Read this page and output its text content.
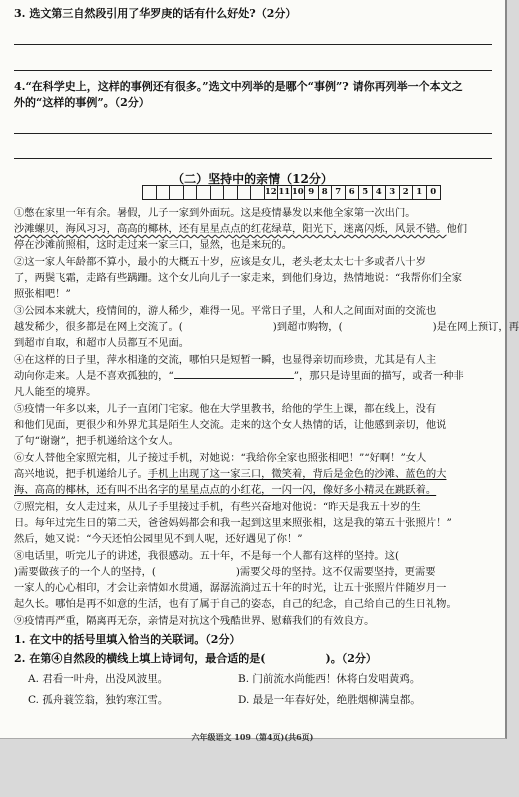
3. 选文第三自然段引用了华罗庚的话有什么好处?（2分）
4.“在科学史上，这样的事例还有很多。”选文中列举的是哪个“事例”? 请你再列举一个本文之
外的“这样的事例”。（2分）
（二）坚持中的亲情（12分）
12 11 10 9 8 7 6 5 4 3 2 1 0
①憋在家里一年有余。暑假，儿子一家到外面玩。这是疫情暴发以来他全家第一次出门。
沙滩螺贝，海风习习，高高的椰林，还有星星点点的红花绿草，阳光下，迷离闪烁，风景不错。他们
停在沙滩前照相，这时走过来一家三口，显然，也是来玩的。
②这一家人年龄都不算小，最小的大概五十岁，应该是女儿，老头老太太七十多或者八十岁
了，两鬓飞霜，走路有些蹒跚。这个女儿向儿子一家走来，到他们身边，热情地说：“我帮你们全家
照张相吧！”
③公园本来就大，疫情间的，游人稀少，难得一见。平常日子里，人和人之间面对面的交流也
越发稀少，很多都是在网上交流了。(	)到超市购物，(	)是在网上预订，再
到超市自取，和超市人员都互不见面。
④在这样的日子里，萍水相逢的交流，哪怕只是短暂一瞬，也显得亲切而珍贵，尤其是有人主
动向你走来。人是不喜欢孤独的，“	”，那只是诗里面的描写，或者一种非
凡人能至的境界。
⑤疫情一年多以来，儿子一直闭门宅家。他在大学里教书，给他的学生上课，都在线上，没有
和他们见面，更很少和外界尤其是陌生人交流。走来的这个女人热情的话，让他感到亲切，他说
了句“谢谢”，把手机递给这个女人。
⑥女人替他全家照完相，儿子接过手机，对她说：“我给你全家也照张相吧！”“好啊！”女人
高兴地说，把手机递给儿子。手机上出现了这一家三口，微笑着，背后是金色的沙滩、蓝色的大
海、高高的椰林，还有叫不出名字的星星点点的小红花，一闪一闪，像好多小精灵在跳跃着。
⑦照完相，女人走过来，从儿子手里接过手机，有些兴奋地对他说：“昨天是我五十岁的生
日。每年过完生日的第二天，爸爸妈妈都会和我一起到这里来照张相，这是我的第五十张照片！”
然后，她又说：“今天还怕公园里见不到人呢，还好遇见了你！”
⑧电话里，听完儿子的讲述，我很感动。五十年，不是每一个人都有这样的坚持。这(
)需要做孩子的一个人的坚持，(	)需要父母的坚持。这不仅需要坚持，更需要
一家人的心心相印，才会让亲情如水贯通，潺潺流淌过五十年的时光，让五十张照片伴随岁月一
起久长。哪怕是再不如意的生活，也有了属于自己的姿态，自己的纪念，自己给自己的生日礼物。
⑨疫情再严重，隔离再无奈，亲情是对抗这个残酷世界、慰藉我们的有效良方。
1. 在文中的括号里填入恰当的关联词。（2分）
2. 在第④自然段的横线上填上诗词句，最合适的是(	)。（2分）
A. 君看一叶舟，出没风波里。	B. 门前流水尚能西！休将白发唱黄鸡。
C. 孤舟蓑笠翁，独钓寒江雪。	D. 最是一年春好处，绝胜烟柳满皇都。
六年级语文 109（第4页)(共6页)
